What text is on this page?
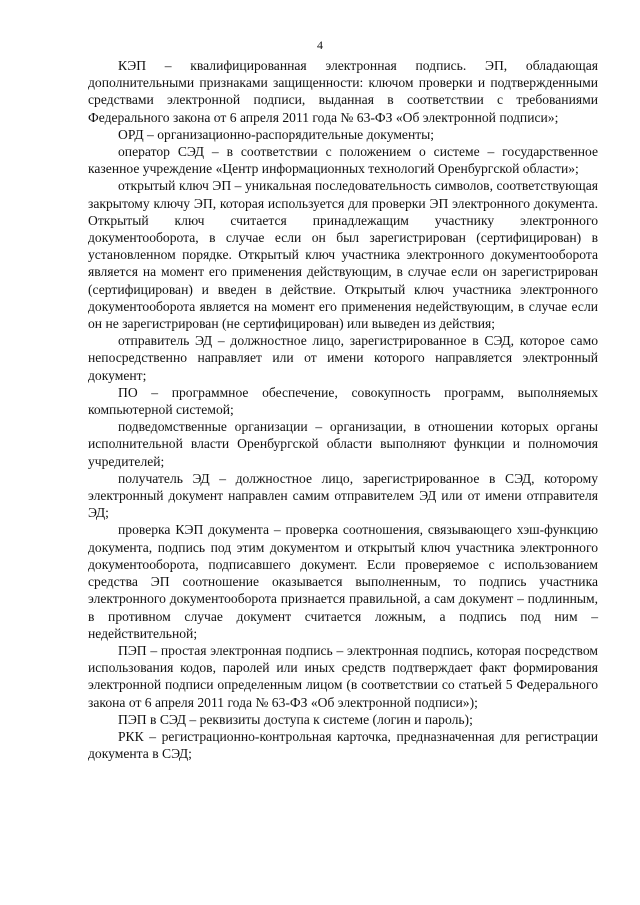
4

КЭП – квалифицированная электронная подпись. ЭП, обладающая дополнительными признаками защищенности: ключом проверки и подтвержденными средствами электронной подписи, выданная в соответствии с требованиями Федерального закона от 6 апреля 2011 года № 63-ФЗ «Об электронной подписи»;

ОРД – организационно-распорядительные документы;

оператор СЭД – в соответствии с положением о системе – государственное казенное учреждение «Центр информационных технологий Оренбургской области»;

открытый ключ ЭП – уникальная последовательность символов, соответствующая закрытому ключу ЭП, которая используется для проверки ЭП электронного документа. Открытый ключ считается принадлежащим участнику электронного документооборота, в случае если он был зарегистрирован (сертифицирован) в установленном порядке. Открытый ключ участника электронного документооборота является на момент его применения действующим, в случае если он зарегистрирован (сертифицирован) и введен в действие. Открытый ключ участника электронного документооборота является на момент его применения недействующим, в случае если он не зарегистрирован (не сертифицирован) или выведен из действия;

отправитель ЭД – должностное лицо, зарегистрированное в СЭД, которое само непосредственно направляет или от имени которого направляется электронный документ;

ПО – программное обеспечение, совокупность программ, выполняемых компьютерной системой;

подведомственные организации – организации, в отношении которых органы исполнительной власти Оренбургской области выполняют функции и полномочия учредителей;

получатель ЭД – должностное лицо, зарегистрированное в СЭД, которому электронный документ направлен самим отправителем ЭД или от имени отправителя ЭД;

проверка КЭП документа – проверка соотношения, связывающего хэш-функцию документа, подпись под этим документом и открытый ключ участника электронного документооборота, подписавшего документ. Если проверяемое с использованием средства ЭП соотношение оказывается выполненным, то подпись участника электронного документооборота признается правильной, а сам документ – подлинным, в противном случае документ считается ложным, а подпись под ним – недействительной;

ПЭП – простая электронная подпись – электронная подпись, которая посредством использования кодов, паролей или иных средств подтверждает факт формирования электронной подписи определенным лицом (в соответствии со статьей 5 Федерального закона от 6 апреля 2011 года № 63-ФЗ «Об электронной подписи»);

ПЭП в СЭД – реквизиты доступа к системе (логин и пароль);

РКК – регистрационно-контрольная карточка, предназначенная для регистрации документа в СЭД;
